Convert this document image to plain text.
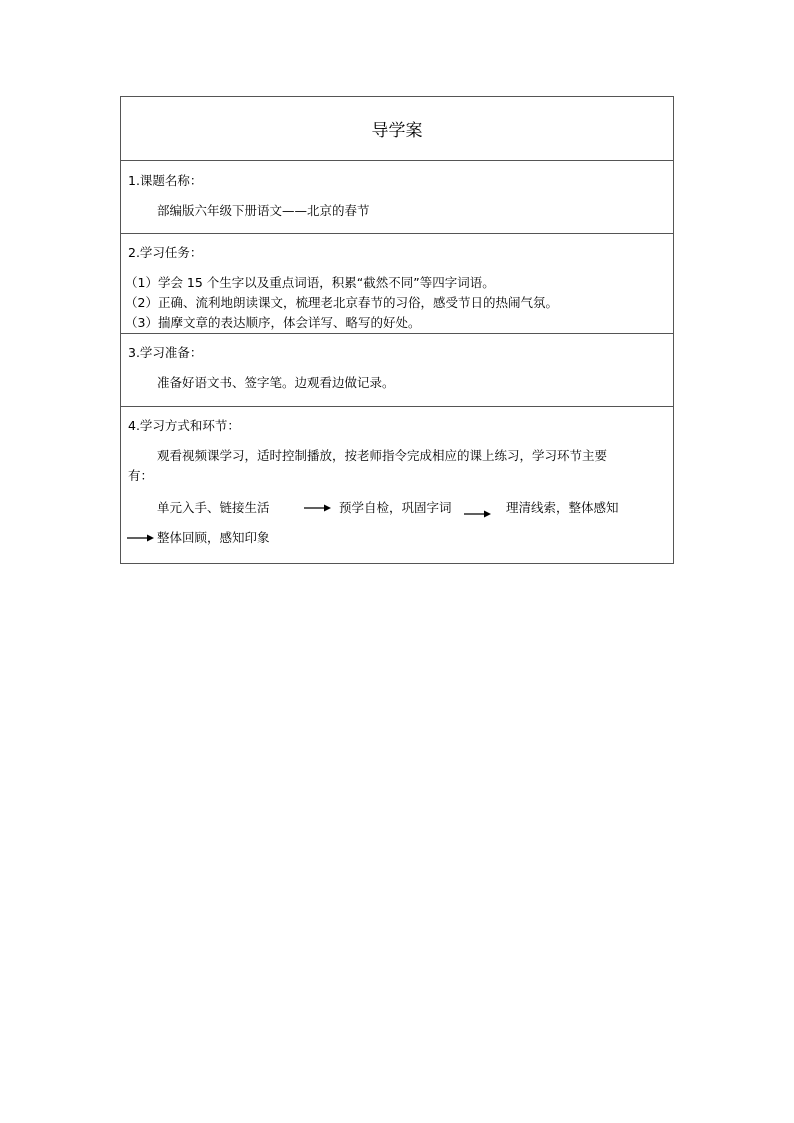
导学案
1.课题名称：
部编版六年级下册语文——北京的春节
2.学习任务：
（1）学会 15 个生字以及重点词语，积累“截然不同”等四字词语。
（2）正确、流利地朗读课文，梳理老北京春节的习俗，感受节日的热闹气氛。
（3）揣摩文章的表达顺序，体会详写、略写的好处。
3.学习准备：
准备好语文书、签字笔。边观看边做记录。
4.学习方式和环节：
观看视频课学习，适时控制播放，按老师指令完成相应的课上练习，学习环节主要
有：
单元入手、链接生活	预学自检，巩固字词	理清线索，整体感知
整体回顾，感知印象
